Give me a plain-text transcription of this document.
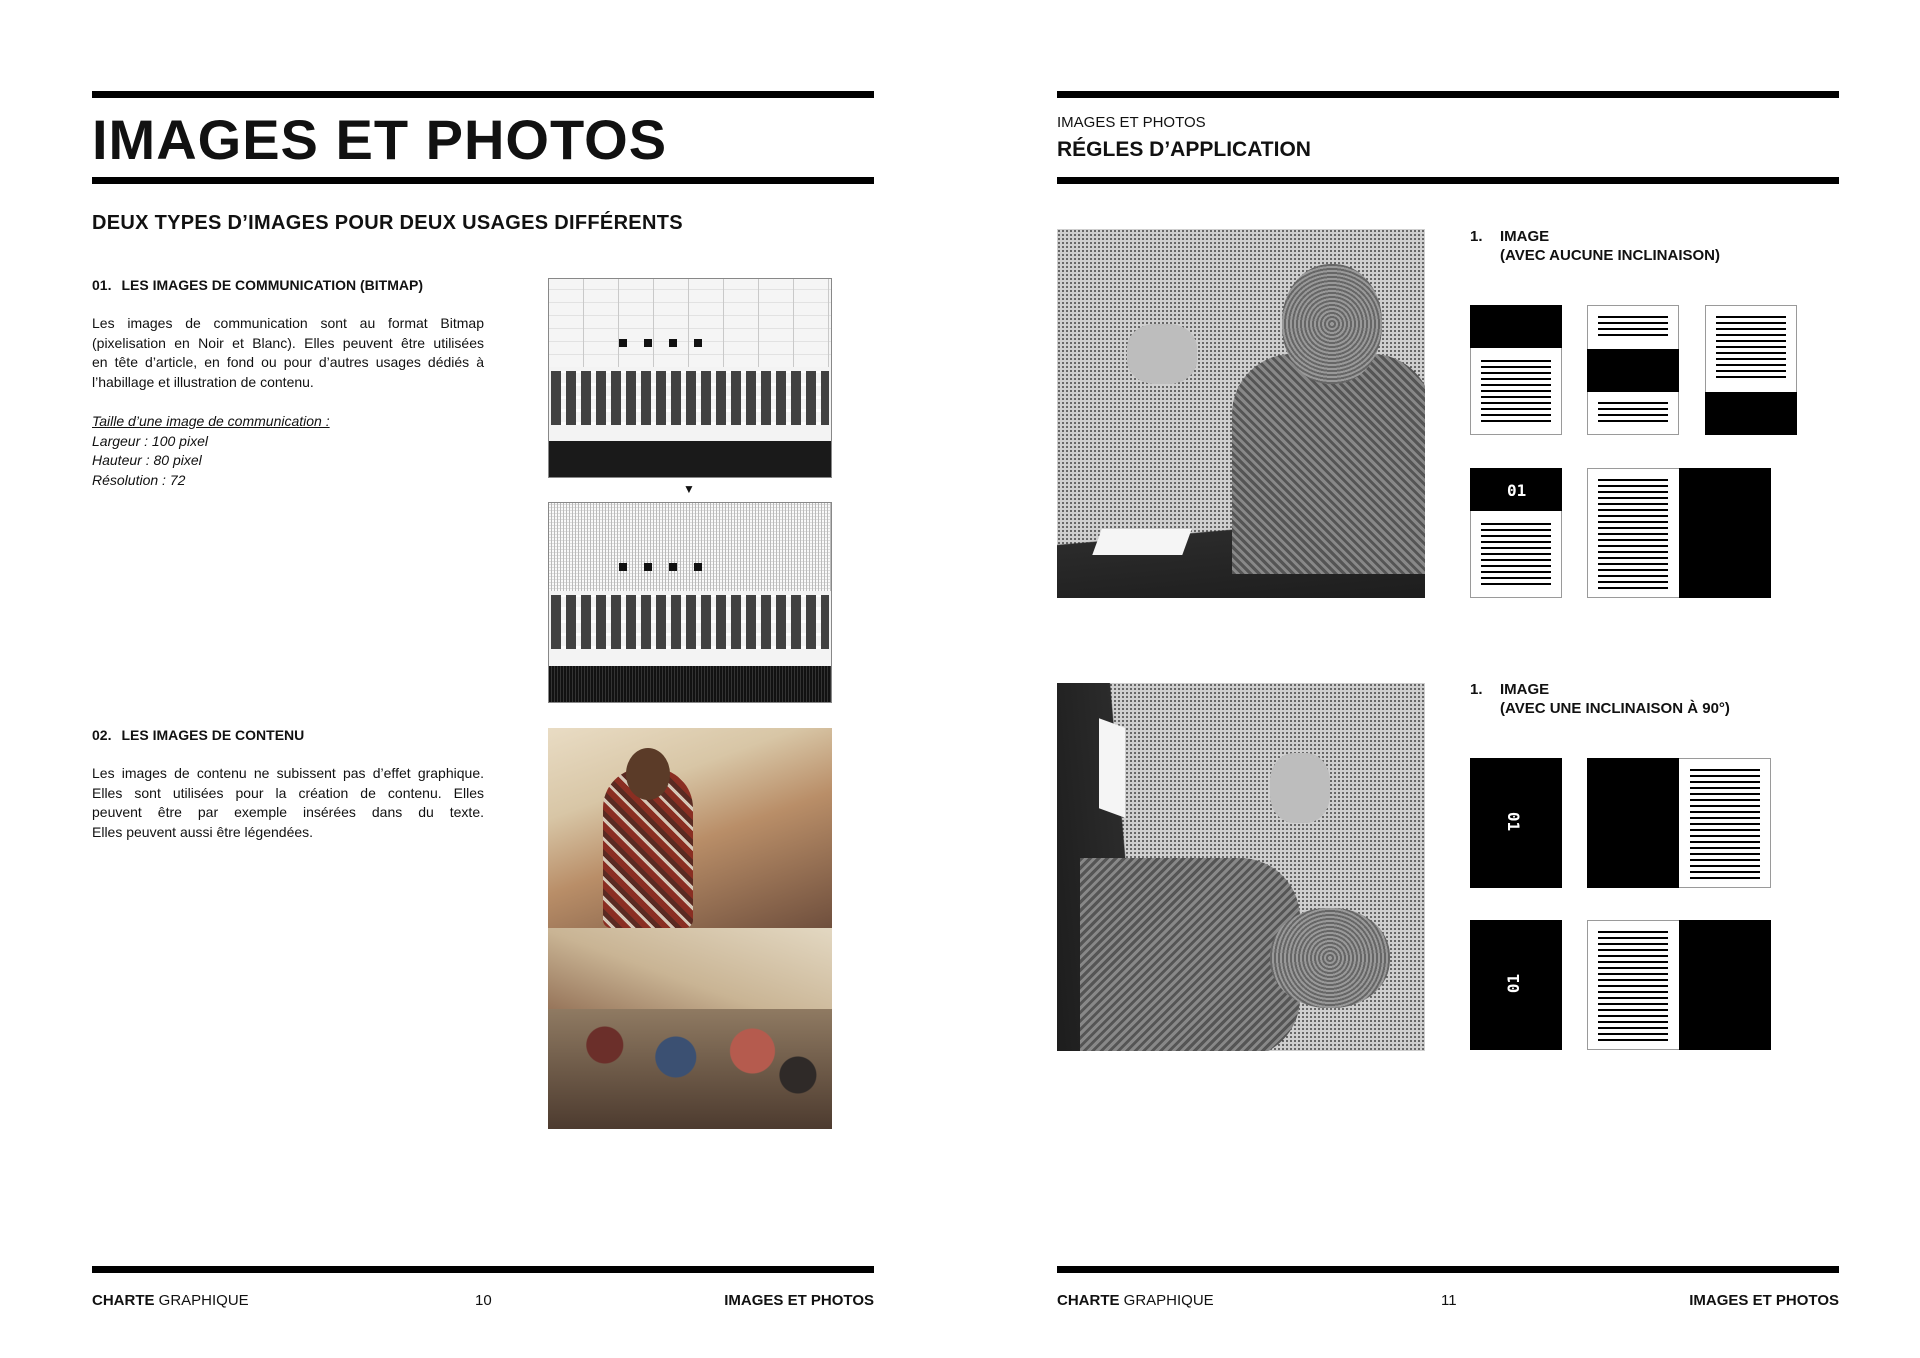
IMAGES ET PHOTOS
DEUX TYPES D’IMAGES POUR DEUX USAGES DIFFÉRENTS
01. LES IMAGES DE COMMUNICATION (BITMAP)
Les images de communication sont au format Bitmap
(pixelisation en Noir et Blanc). Elles peuvent être utilisées
en tête d’article, en fond ou pour d’autres usages dédiés à
l’habillage et illustration de contenu.
Taille d’une image de communication :
Largeur : 100 pixel
Hauteur : 80 pixel
Résolution : 72
▼
02. LES IMAGES DE CONTENU
Les images de contenu ne subissent pas d’effet graphique.
Elles sont utilisées pour la création de contenu. Elles
peuvent être par exemple insérées dans du texte.
Elles peuvent aussi être légendées.
CHARTE GRAPHIQUE	10	IMAGES ET PHOTOS
IMAGES ET PHOTOS
RÉGLES D’APPLICATION
1. IMAGE
(AVEC AUCUNE INCLINAISON)
01
1. IMAGE
(AVEC UNE INCLINAISON À 90°)
01
01
CHARTE GRAPHIQUE	11	IMAGES ET PHOTOS
